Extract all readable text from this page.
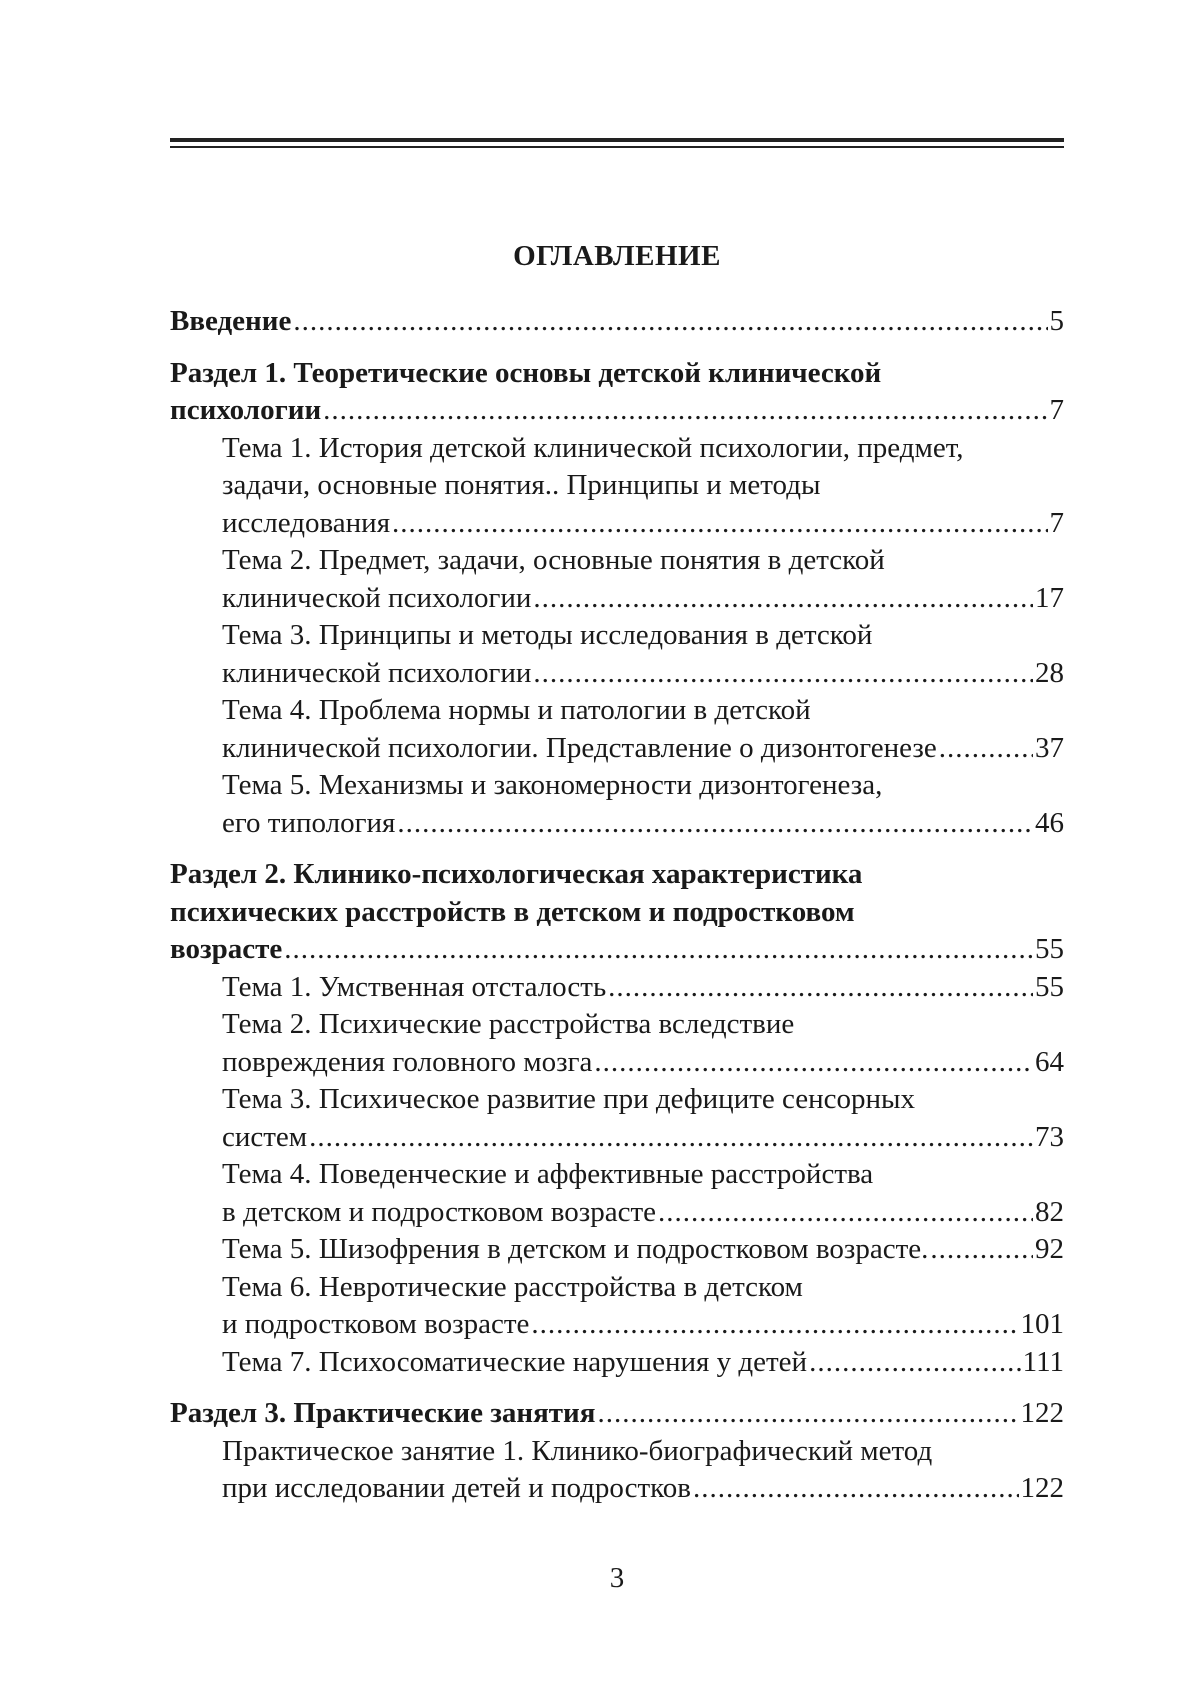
ОГЛАВЛЕНИЕ
Введение .....	5
Раздел 1. Теоретические основы детской клинической
психологии .....	7
Тема 1. История детской клинической психологии, предмет,
задачи, основные понятия.. Принципы и методы
исследования .....	7
Тема 2. Предмет, задачи, основные понятия в детской
клинической психологии .....	17
Тема 3. Принципы и методы исследования в детской
клинической психологии .....	28
Тема 4. Проблема нормы и патологии в детской
клинической психологии. Представление о дизонтогенезе .....	37
Тема 5. Механизмы и закономерности дизонтогенеза,
его типология .....	46
Раздел 2. Клинико-психологическая характеристика
психических расстройств в детском и подростковом
возрасте .....	55
Тема 1. Умственная отсталость .....	55
Тема 2. Психические расстройства вследствие
повреждения головного мозга .....	64
Тема 3. Психическое развитие при дефиците сенсорных
систем .....	73
Тема 4. Поведенческие и аффективные расстройства
в детском и подростковом возрасте .....	82
Тема 5. Шизофрения в детском и подростковом возрасте. .....	92
Тема 6. Невротические расстройства в детском
и подростковом возрасте .....	101
Тема 7. Психосоматические нарушения у детей .....	111
Раздел 3. Практические занятия .....	122
Практическое занятие 1. Клинико-биографический метод
при исследовании детей и подростков .....	122
3
